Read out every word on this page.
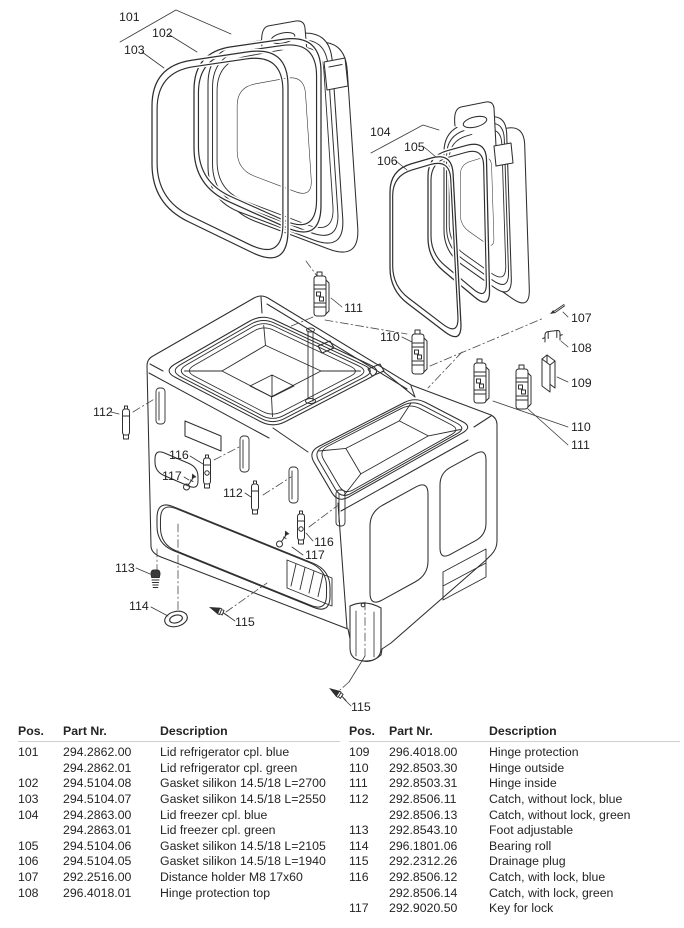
101
102
103
104
105
106
107
108
109
110
111
111
110
112
116
117
112
116
117
113
114
115
115
Pos.	Part Nr.	Description
101	294.2862.00	Lid refrigerator cpl. blue
294.2862.01	Lid refrigerator cpl. green
102	294.5104.08	Gasket silikon 14.5/18 L=2700
103	294.5104.07	Gasket silikon 14.5/18 L=2550
104	294.2863.00	Lid freezer cpl. blue
294.2863.01	Lid freezer cpl. green
105	294.5104.06	Gasket silikon 14.5/18 L=2105
106	294.5104.05	Gasket silikon 14.5/18 L=1940
107	292.2516.00	Distance holder M8 17x60
108	296.4018.01	Hinge protection top
Pos.	Part Nr.	Description
109	296.4018.00	Hinge protection
110	292.8503.30	Hinge outside
111	292.8503.31	Hinge inside
112	292.8506.11	Catch, without lock, blue
292.8506.13	Catch, without lock, green
113	292.8543.10	Foot adjustable
114	296.1801.06	Bearing roll
115	292.2312.26	Drainage plug
116	292.8506.12	Catch, with lock, blue
292.8506.14	Catch, with lock, green
117	292.9020.50	Key for lock
